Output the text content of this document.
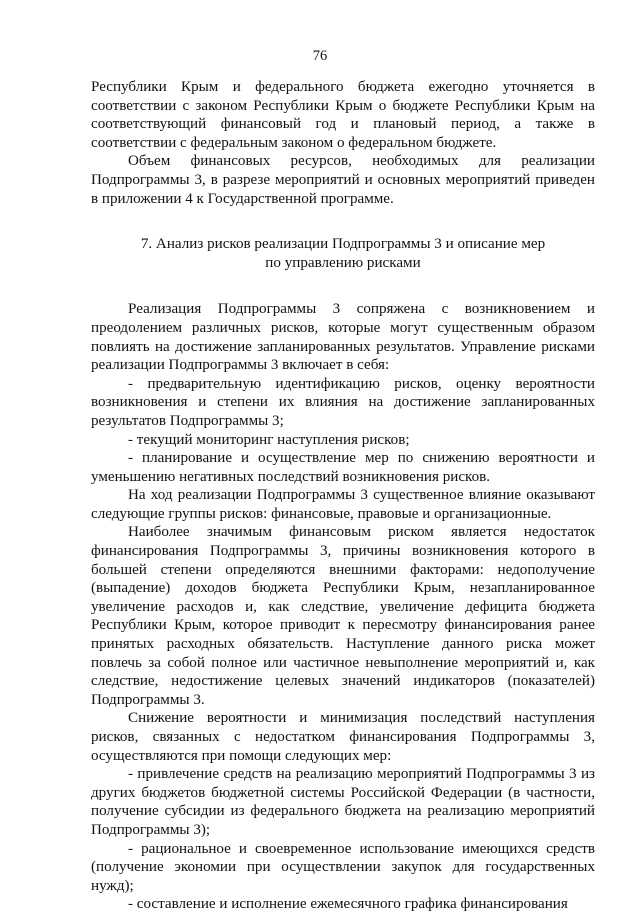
76

Республики Крым и федерального бюджета ежегодно уточняется в соответствии с законом Республики Крым о бюджете Республики Крым на соответствующий финансовый год и плановый период, а также в соответствии с федеральным законом о федеральном бюджете.

Объем финансовых ресурсов, необходимых для реализации Подпрограммы 3, в разрезе мероприятий и основных мероприятий приведен в приложении 4 к Государственной программе.

7. Анализ рисков реализации Подпрограммы 3 и описание мер
по управлению рисками

Реализация Подпрограммы 3 сопряжена с возникновением и преодолением различных рисков, которые могут существенным образом повлиять на достижение запланированных результатов. Управление рисками реализации Подпрограммы 3 включает в себя:

- предварительную идентификацию рисков, оценку вероятности возникновения и степени их влияния на достижение запланированных результатов Подпрограммы 3;

- текущий мониторинг наступления рисков;

- планирование и осуществление мер по снижению вероятности и уменьшению негативных последствий возникновения рисков.

На ход реализации Подпрограммы 3 существенное влияние оказывают следующие группы рисков: финансовые, правовые и организационные.

Наиболее значимым финансовым риском является недостаток финансирования Подпрограммы 3, причины возникновения которого в большей степени определяются внешними факторами: недополучение (выпадение) доходов бюджета Республики Крым, незапланированное увеличение расходов и, как следствие, увеличение дефицита бюджета Республики Крым, которое приводит к пересмотру финансирования ранее принятых расходных обязательств. Наступление данного риска может повлечь за собой полное или частичное невыполнение мероприятий и, как следствие, недостижение целевых значений индикаторов (показателей) Подпрограммы 3.

Снижение вероятности и минимизация последствий наступления рисков, связанных с недостатком финансирования Подпрограммы 3, осуществляются при помощи следующих мер:

- привлечение средств на реализацию мероприятий Подпрограммы 3 из других бюджетов бюджетной системы Российской Федерации (в частности, получение субсидии из федерального бюджета на реализацию мероприятий Подпрограммы 3);

- рациональное и своевременное использование имеющихся средств (получение экономии при осуществлении закупок для государственных нужд);

- составление и исполнение ежемесячного графика финансирования
